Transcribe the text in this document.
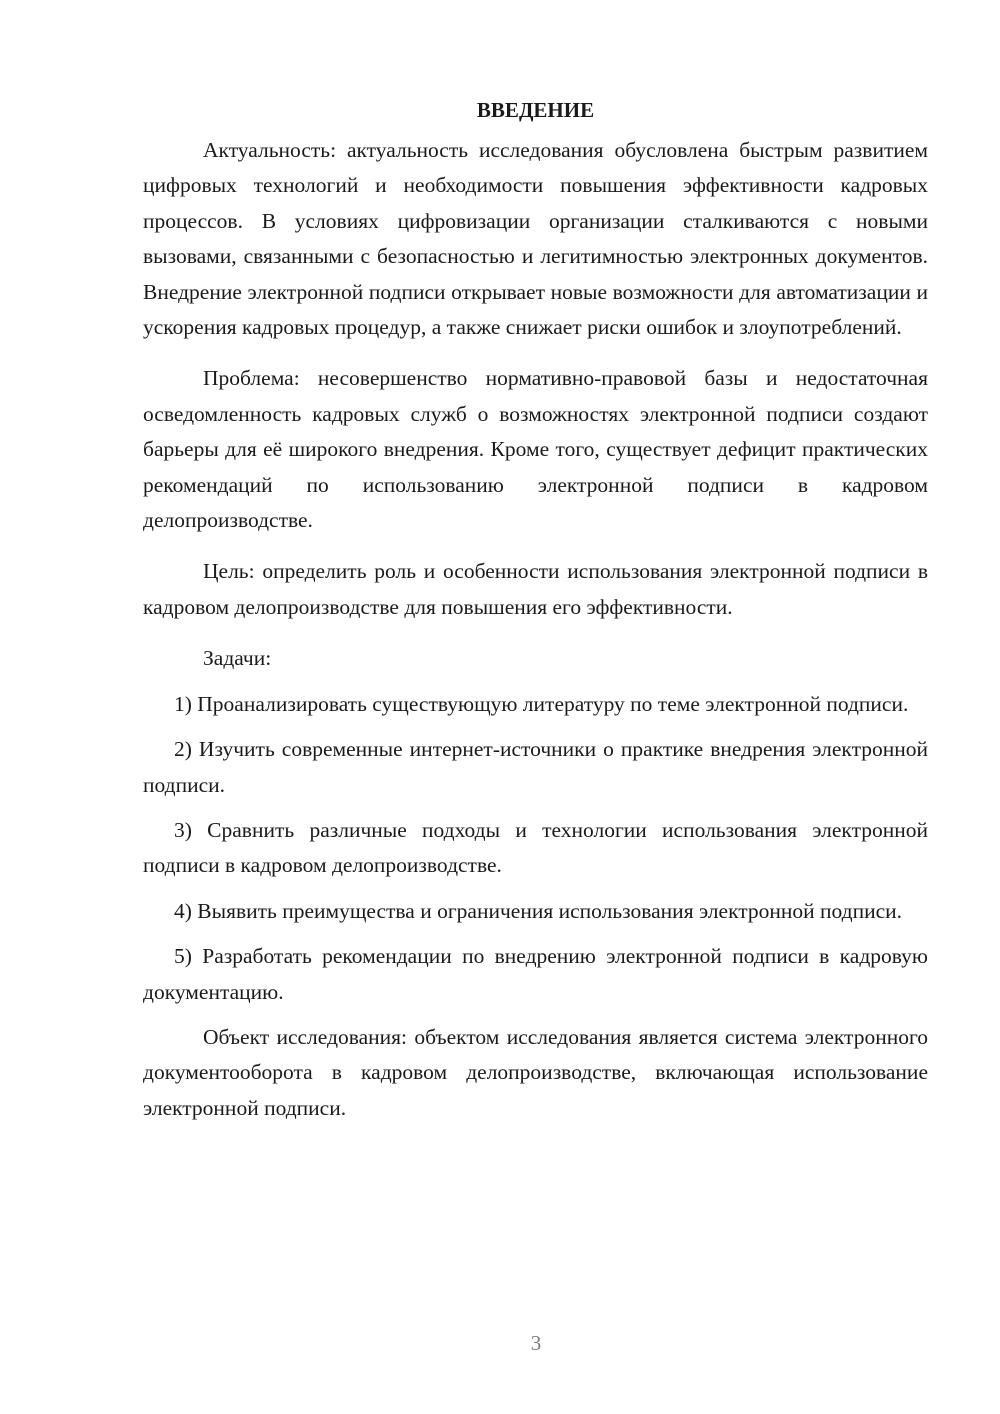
ВВЕДЕНИЕ

Актуальность: актуальность исследования обусловлена быстрым развитием цифровых технологий и необходимости повышения эффективности кадровых процессов. В условиях цифровизации организации сталкиваются с новыми вызовами, связанными с безопасностью и легитимностью электронных документов. Внедрение электронной подписи открывает новые возможности для автоматизации и ускорения кадровых процедур, а также снижает риски ошибок и злоупотреблений.

Проблема: несовершенство нормативно-правовой базы и недостаточная осведомленность кадровых служб о возможностях электронной подписи создают барьеры для её широкого внедрения. Кроме того, существует дефицит практических рекомендаций по использованию электронной подписи в кадровом делопроизводстве.

Цель: определить роль и особенности использования электронной подписи в кадровом делопроизводстве для повышения его эффективности.

Задачи:

1) Проанализировать существующую литературу по теме электронной подписи.

2) Изучить современные интернет-источники о практике внедрения электронной подписи.

3) Сравнить различные подходы и технологии использования электронной подписи в кадровом делопроизводстве.

4) Выявить преимущества и ограничения использования электронной подписи.

5) Разработать рекомендации по внедрению электронной подписи в кадровую документацию.

Объект исследования: объектом исследования является система электронного документооборота в кадровом делопроизводстве, включающая использование электронной подписи.

3
